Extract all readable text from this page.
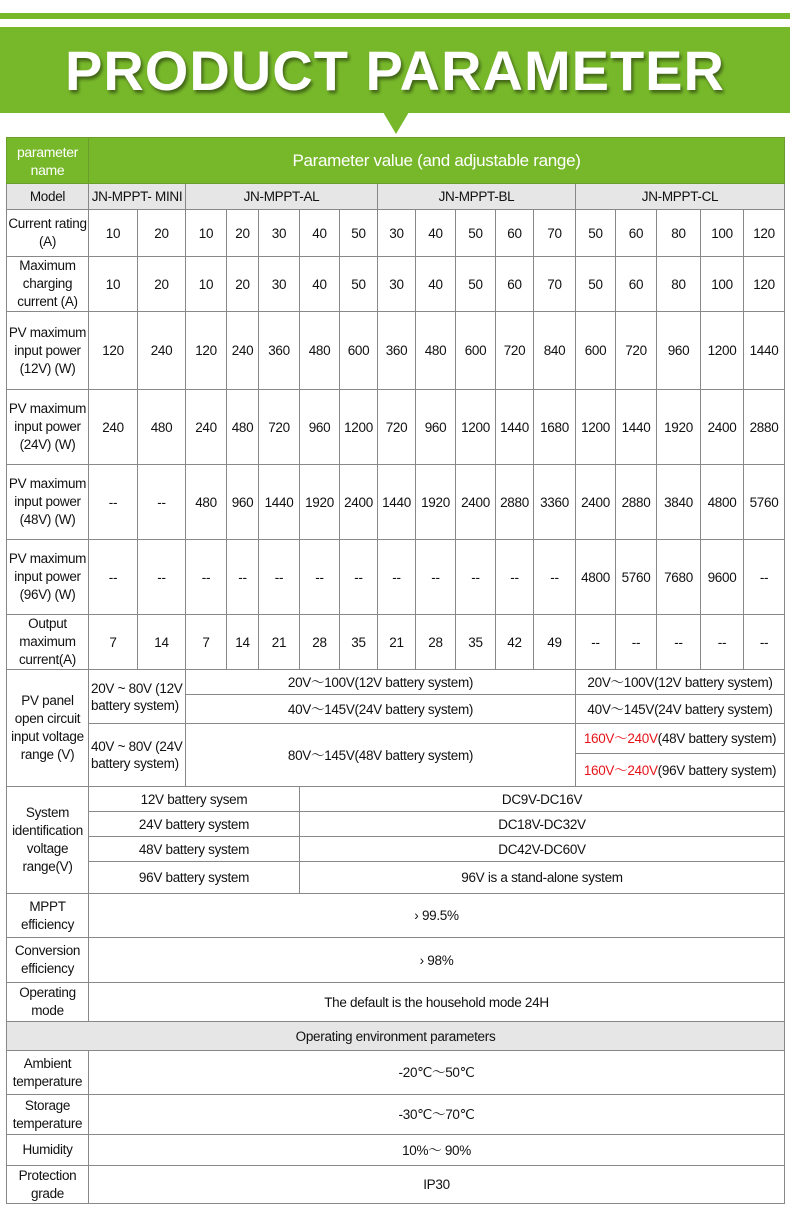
PRODUCT PARAMETER
parameter name	Parameter value (and adjustable range)																
Model	JN-MPPT- MINI		JN-MPPT-AL					JN-MPPT-BL					JN-MPPT-CL				
Current rating (A)	10	20	10	20	30	40	50	30	40	50	60	70	50	60	80	100	120
Maximum charging current (A)	10	20	10	20	30	40	50	30	40	50	60	70	50	60	80	100	120
PV maximum input power (12V) (W)	120	240	120	240	360	480	600	360	480	600	720	840	600	720	960	1200	1440
PV maximum input power (24V) (W)	240	480	240	480	720	960	1200	720	960	1200	1440	1680	1200	1440	1920	2400	2880
PV maximum input power (48V) (W)	--	--	480	960	1440	1920	2400	1440	1920	2400	2880	3360	2400	2880	3840	4800	5760
PV maximum input power (96V) (W)	--	--	--	--	--	--	--	--	--	--	--	--	4800	5760	7680	9600	--
Output maximum current(A)	7	14	7	14	21	28	35	21	28	35	42	49	--	--	--	--	--
PV panel open circuit input voltage range (V)	20V ~ 80V (12V battery system)		20V～100V(12V battery system)										20V～100V(12V battery system)				
			40V～145V(24V battery system)										40V～145V(24V battery system)				
	40V ~ 80V (24V battery system)		80V～145V(48V battery system)										160V～240V(48V battery system)				
													160V～240V(96V battery system)				
System identification voltage range(V)	12V battery sysem					DC9V-DC16V											
	24V battery system					DC18V-DC32V											
	48V battery system					DC42V-DC60V											
	96V battery system					96V is a stand-alone system											
MPPT efficiency	› 99.5%																
Conversion efficiency	› 98%																
Operating mode	The default is the household mode 24H																
Operating environment parameters																	
Ambient temperature	-20℃～50℃																
Storage temperature	-30℃～70℃																
Humidity	10%～ 90%																
Protection grade	IP30																
